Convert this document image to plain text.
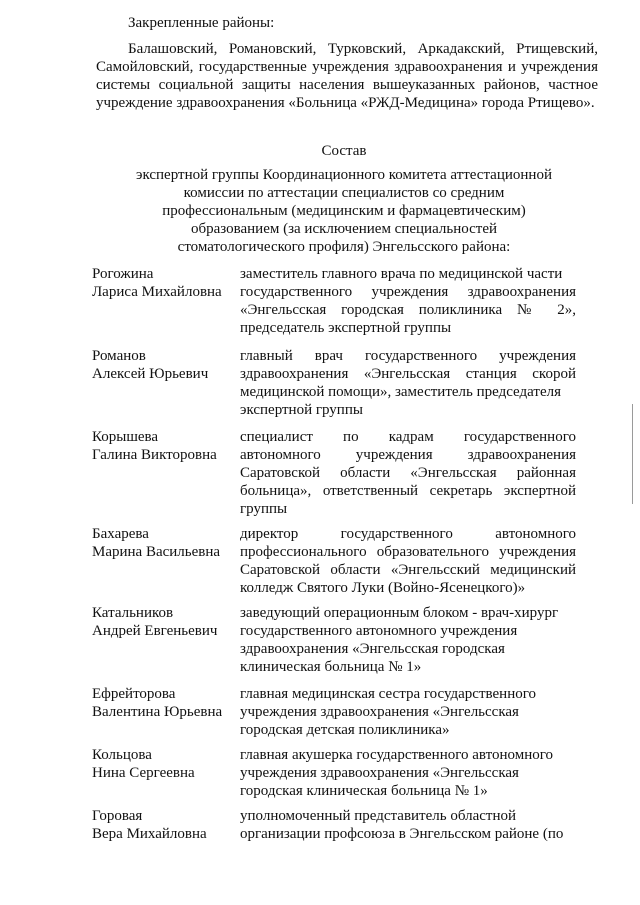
Закрепленные районы:
Балашовский, Романовский, Турковский, Аркадакский, Ртищевский, Самойловский, государственные учреждения здравоохранения и учреждения системы социальной защиты населения вышеуказанных районов, частное учреждение здравоохранения «Больница «РЖД-Медицина» города Ртищево».
Состав
экспертной группы Координационного комитета аттестационной
комиссии по аттестации специалистов со средним
профессиональным (медицинским и фармацевтическим)
образованием (за исключением специальностей
стоматологического профиля) Энгельсского района:
Рогожина
Лариса Михайловна
заместитель главного врача по медицинской части
государственного учреждения здравоохранения
«Энгельсская городская поликлиника № 2»,
председатель экспертной группы
Романов
Алексей Юрьевич
главный врач государственного учреждения
здравоохранения «Энгельсская станция скорой
медицинской помощи», заместитель председателя
экспертной группы
Корышева
Галина Викторовна
специалист по кадрам государственного
автономного учреждения здравоохранения
Саратовской области «Энгельсская районная
больница», ответственный секретарь экспертной
группы
Бахарева
Марина Васильевна
директор государственного автономного
профессионального образовательного учреждения
Саратовской области «Энгельсский медицинский
колледж Святого Луки (Войно-Ясенецкого)»
Катальников
Андрей Евгеньевич
заведующий операционным блоком - врач-хирург
государственного автономного учреждения
здравоохранения «Энгельсская городская
клиническая больница № 1»
Ефрейторова
Валентина Юрьевна
главная медицинская сестра государственного
учреждения здравоохранения «Энгельсская
городская детская поликлиника»
Кольцова
Нина Сергеевна
главная акушерка государственного автономного
учреждения здравоохранения «Энгельсская
городская клиническая больница № 1»
Горовая
Вера Михайловна
уполномоченный представитель областной
организации профсоюза в Энгельсском районе (по
